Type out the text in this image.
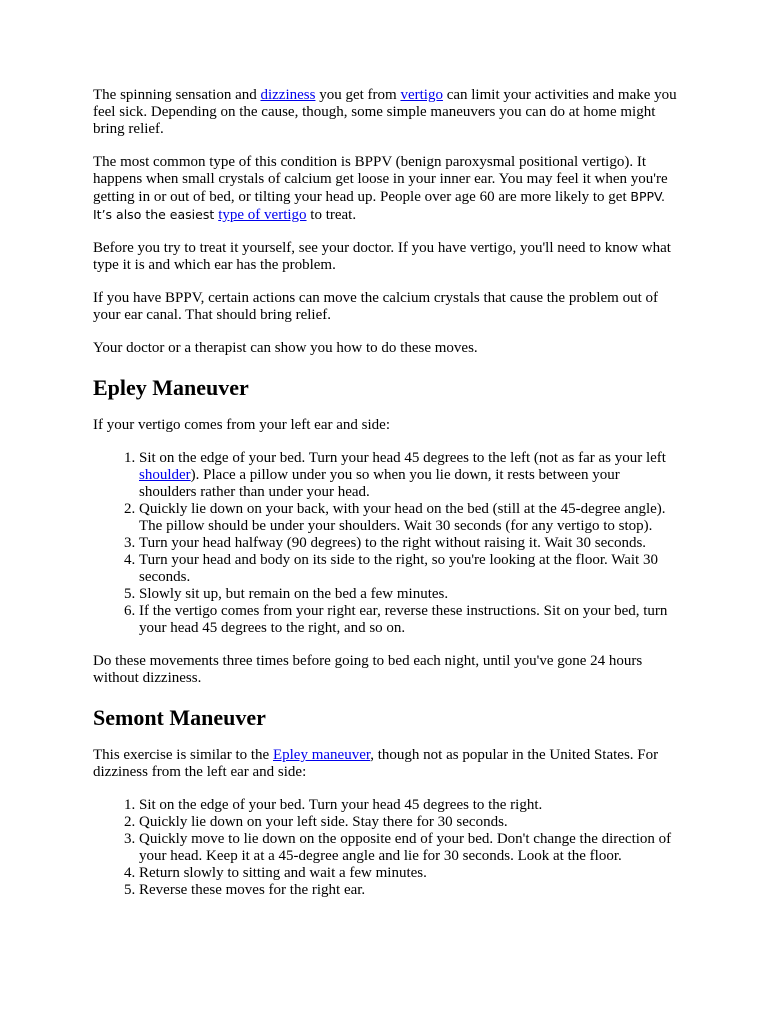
The spinning sensation and dizziness you get from vertigo can limit your activities and make you feel sick. Depending on the cause, though, some simple maneuvers you can do at home might bring relief.

The most common type of this condition is BPPV (benign paroxysmal positional vertigo). It happens when small crystals of calcium get loose in your inner ear. You may feel it when you're getting in or out of bed, or tilting your head up. People over age 60 are more likely to get BPPV. It’s also the easiest type of vertigo to treat.

Before you try to treat it yourself, see your doctor. If you have vertigo, you'll need to know what type it is and which ear has the problem.

If you have BPPV, certain actions can move the calcium crystals that cause the problem out of your ear canal. That should bring relief.

Your doctor or a therapist can show you how to do these moves.

Epley Maneuver

If your vertigo comes from your left ear and side:

1. Sit on the edge of your bed. Turn your head 45 degrees to the left (not as far as your left shoulder). Place a pillow under you so when you lie down, it rests between your shoulders rather than under your head.
2. Quickly lie down on your back, with your head on the bed (still at the 45-degree angle). The pillow should be under your shoulders. Wait 30 seconds (for any vertigo to stop).
3. Turn your head halfway (90 degrees) to the right without raising it. Wait 30 seconds.
4. Turn your head and body on its side to the right, so you're looking at the floor. Wait 30 seconds.
5. Slowly sit up, but remain on the bed a few minutes.
6. If the vertigo comes from your right ear, reverse these instructions. Sit on your bed, turn your head 45 degrees to the right, and so on.

Do these movements three times before going to bed each night, until you've gone 24 hours without dizziness.

Semont Maneuver

This exercise is similar to the Epley maneuver, though not as popular in the United States. For dizziness from the left ear and side:

1. Sit on the edge of your bed. Turn your head 45 degrees to the right.
2. Quickly lie down on your left side. Stay there for 30 seconds.
3. Quickly move to lie down on the opposite end of your bed. Don't change the direction of your head. Keep it at a 45-degree angle and lie for 30 seconds. Look at the floor.
4. Return slowly to sitting and wait a few minutes.
5. Reverse these moves for the right ear.
